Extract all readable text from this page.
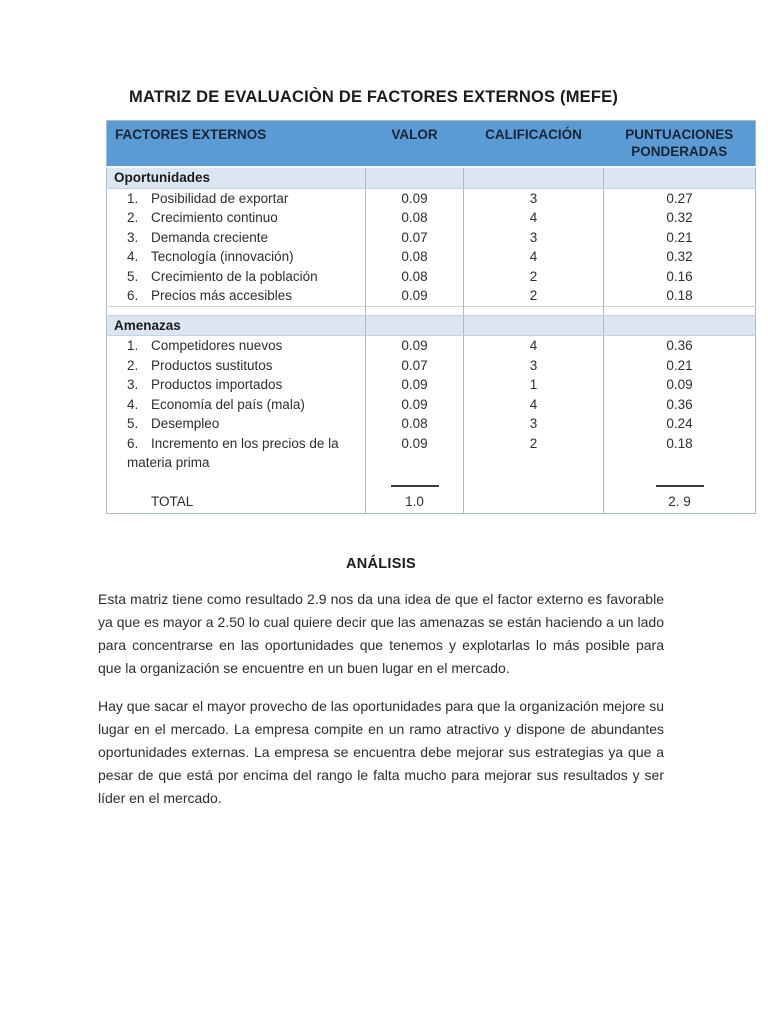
MATRIZ DE EVALUACIÒN DE FACTORES EXTERNOS (MEFE)
FACTORES EXTERNOS	VALOR	CALIFICACIÓN	PUNTUACIONES PONDERADAS
Oportunidades			
1. Posibilidad de exportar	0.09	3	0.27
2. Crecimiento continuo	0.08	4	0.32
3. Demanda creciente	0.07	3	0.21
4. Tecnología (innovación)	0.08	4	0.32
5. Crecimiento de la población	0.08	2	0.16
6. Precios más accesibles	0.09	2	0.18

Amenazas			
1. Competidores nuevos	0.09	4	0.36
2. Productos sustitutos	0.07	3	0.21
3. Productos importados	0.09	1	0.09
4. Economía del país (mala)	0.09	4	0.36
5. Desempleo	0.08	3	0.24
6. Incremento en los precios de la materia prima	0.09	2	0.18

TOTAL	1.0		2. 9
ANÁLISIS

Esta matriz tiene como resultado 2.9 nos da una idea de que el factor externo es favorable ya que es mayor a 2.50 lo cual quiere decir que las amenazas se están haciendo a un lado para concentrarse en las oportunidades que tenemos y explotarlas lo más posible para que la organización se encuentre en un buen lugar en el mercado.

Hay que sacar el mayor provecho de las oportunidades para que la organización mejore su lugar en el mercado. La empresa compite en un ramo atractivo y dispone de abundantes oportunidades externas. La empresa se encuentra debe mejorar sus estrategias ya que a pesar de que está por encima del rango le falta mucho para mejorar sus resultados y ser líder en el mercado.
